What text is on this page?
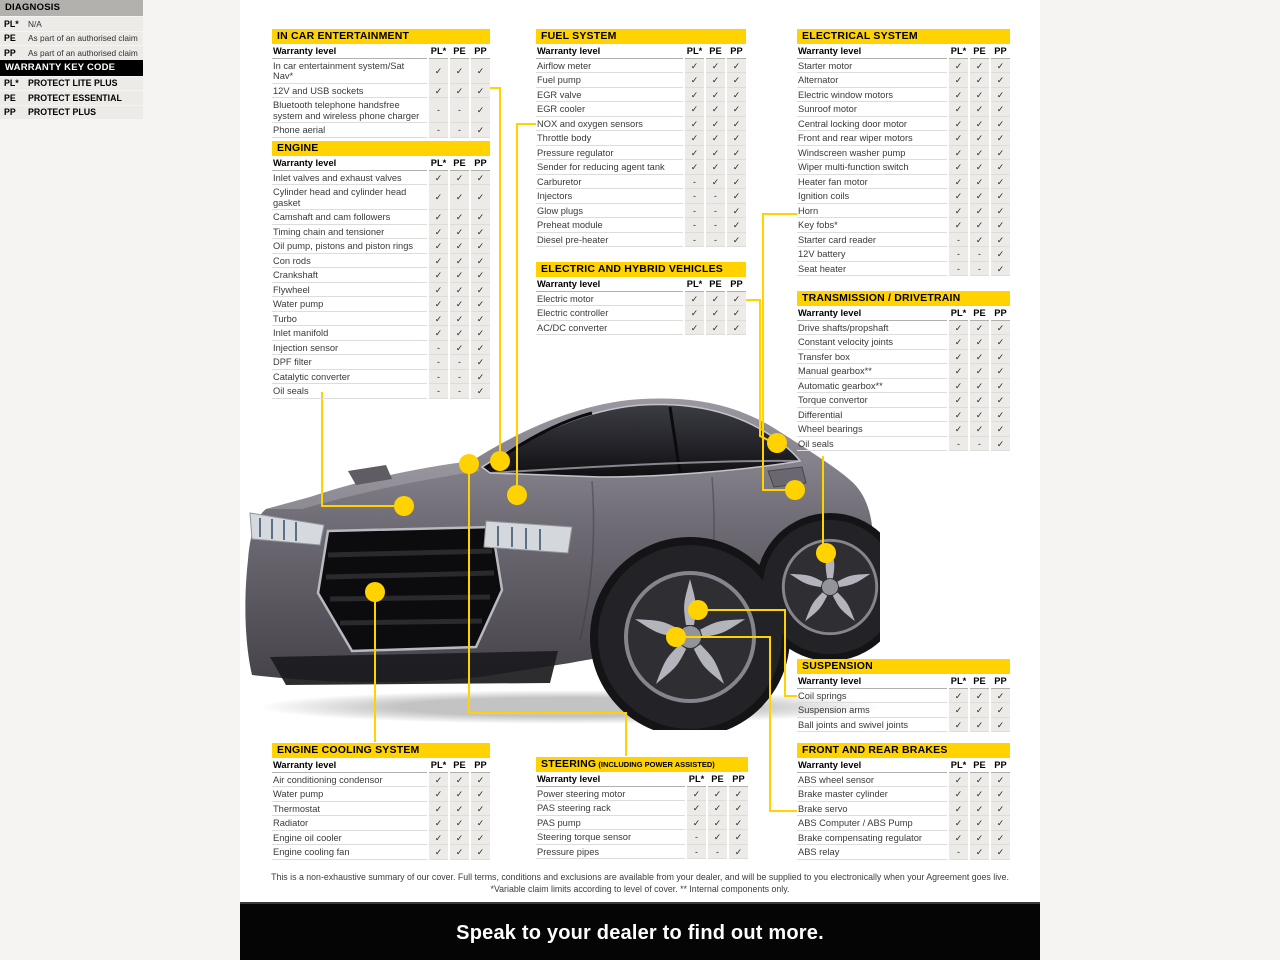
IN CAR ENTERTAINMENT
Warranty level	PL*	PE	PP
In car entertainment system/Sat Nav*	✓	✓	✓
12V and USB sockets	✓	✓	✓
Bluetooth telephone handsfree system and wireless phone charger	-	-	✓
Phone aerial	-	-	✓
ENGINE
Warranty level	PL*	PE	PP
Inlet valves and exhaust valves	✓	✓	✓
Cylinder head and cylinder head gasket	✓	✓	✓
Camshaft and cam followers	✓	✓	✓
Timing chain and tensioner	✓	✓	✓
Oil pump, pistons and piston rings	✓	✓	✓
Con rods	✓	✓	✓
Crankshaft	✓	✓	✓
Flywheel	✓	✓	✓
Water pump	✓	✓	✓
Turbo	✓	✓	✓
Inlet manifold	✓	✓	✓
Injection sensor	-	✓	✓
DPF filter	-	-	✓
Catalytic converter	-	-	✓
Oil seals	-	-	✓
ENGINE COOLING SYSTEM
Warranty level	PL*	PE	PP
Air conditioning condensor	✓	✓	✓
Water pump	✓	✓	✓
Thermostat	✓	✓	✓
Radiator	✓	✓	✓
Engine oil cooler	✓	✓	✓
Engine cooling fan	✓	✓	✓
FUEL SYSTEM
Warranty level	PL*	PE	PP
Airflow meter	✓	✓	✓
Fuel pump	✓	✓	✓
EGR valve	✓	✓	✓
EGR cooler	✓	✓	✓
NOX and oxygen sensors	✓	✓	✓
Throttle body	✓	✓	✓
Pressure regulator	✓	✓	✓
Sender for reducing agent tank	✓	✓	✓
Carburetor	-	✓	✓
Injectors	-	-	✓
Glow plugs	-	-	✓
Preheat module	-	-	✓
Diesel pre-heater	-	-	✓
ELECTRIC AND HYBRID VEHICLES
Warranty level	PL*	PE	PP
Electric motor	✓	✓	✓
Electric controller	✓	✓	✓
AC/DC converter	✓	✓	✓
STEERING (INCLUDING POWER ASSISTED)
Warranty level	PL*	PE	PP
Power steering motor	✓	✓	✓
PAS steering rack	✓	✓	✓
PAS pump	✓	✓	✓
Steering torque sensor	-	✓	✓
Pressure pipes	-	-	✓
ELECTRICAL SYSTEM
Warranty level	PL*	PE	PP
Starter motor	✓	✓	✓
Alternator	✓	✓	✓
Electric window motors	✓	✓	✓
Sunroof motor	✓	✓	✓
Central locking door motor	✓	✓	✓
Front and rear wiper motors	✓	✓	✓
Windscreen washer pump	✓	✓	✓
Wiper multi-function switch	✓	✓	✓
Heater fan motor	✓	✓	✓
Ignition coils	✓	✓	✓
Horn	✓	✓	✓
Key fobs*	✓	✓	✓
Starter card reader	-	✓	✓
12V battery	-	-	✓
Seat heater	-	-	✓
TRANSMISSION / DRIVETRAIN
Warranty level	PL*	PE	PP
Drive shafts/propshaft	✓	✓	✓
Constant velocity joints	✓	✓	✓
Transfer box	✓	✓	✓
Manual gearbox**	✓	✓	✓
Automatic gearbox**	✓	✓	✓
Torque convertor	✓	✓	✓
Differential	✓	✓	✓
Wheel bearings	✓	✓	✓
Oil seals	-	-	✓
SUSPENSION
Warranty level	PL*	PE	PP
Coil springs	✓	✓	✓
Suspension arms	✓	✓	✓
Ball joints and swivel joints	✓	✓	✓
FRONT AND REAR BRAKES
Warranty level	PL*	PE	PP
ABS wheel sensor	✓	✓	✓
Brake master cylinder	✓	✓	✓
Brake servo	✓	✓	✓
ABS Computer / ABS Pump	✓	✓	✓
Brake compensating regulator	✓	✓	✓
ABS relay	-	✓	✓
DIAGNOSIS
PL*	N/A
PE	As part of an authorised claim
PP	As part of an authorised claim
WARRANTY KEY CODE
PL*	PROTECT LITE PLUS
PE	PROTECT ESSENTIAL
PP	PROTECT PLUS
This is a non-exhaustive summary of our cover. Full terms, conditions and exclusions are available from your dealer, and will be supplied to you electronically when your Agreement goes live.
*Variable claim limits according to level of cover. ** Internal components only.
Speak to your dealer to find out more.
